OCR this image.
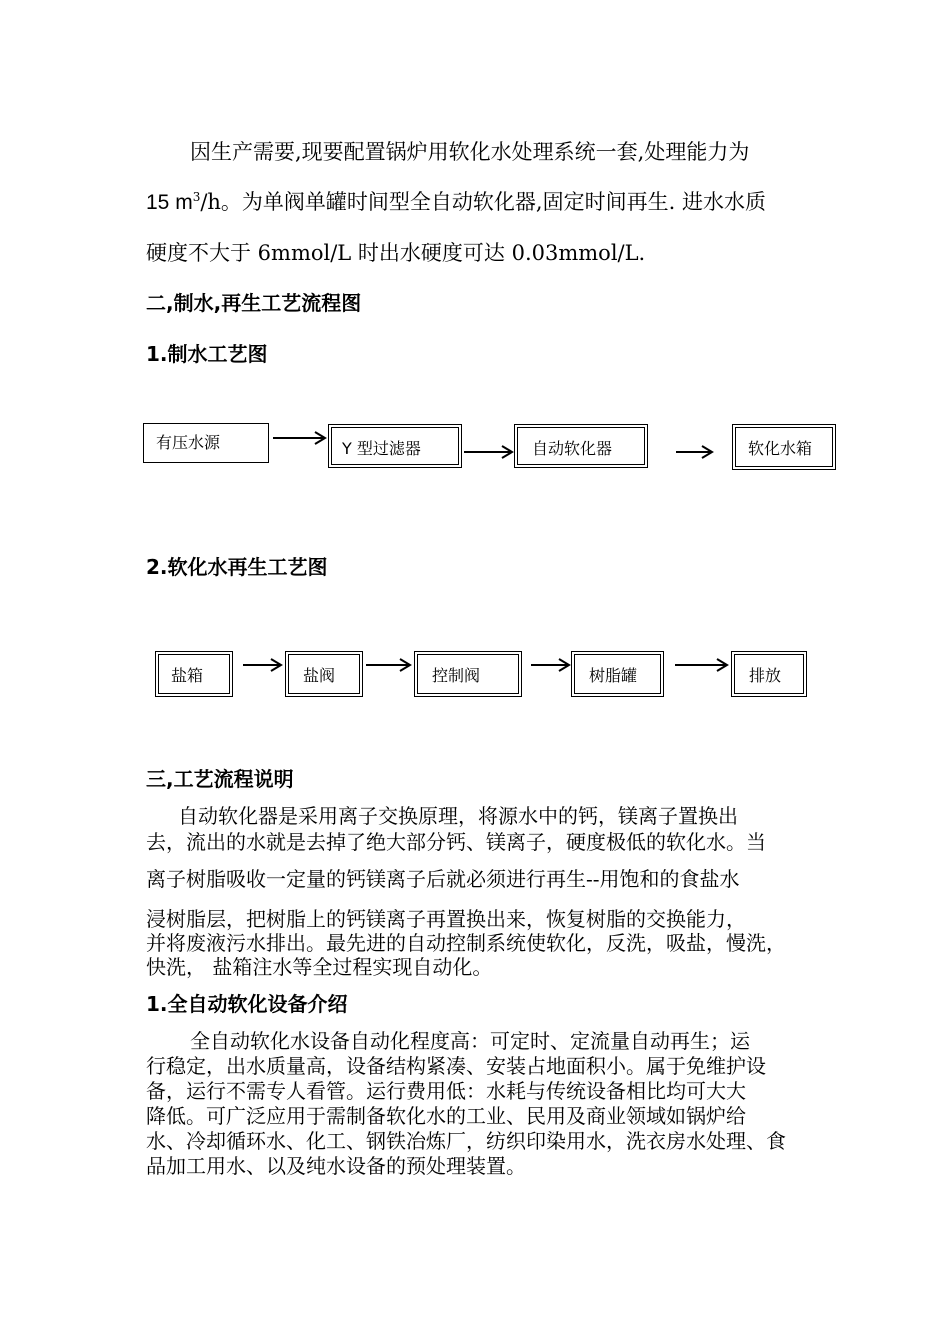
因生产需要,现要配置锅炉用软化水处理系统一套,处理能力为
15 $m^3/h$。为单阀单罐时间型全自动软化器,固定时间再生. 进水水质
硬度不大于 6mmol/L 时出水硬度可达 0.03mmol/L.
二,制水,再生工艺流程图
1.制水工艺图
有压水源	Y 型过滤器	自动软化器	软化水箱
2.软化水再生工艺图
盐箱	盐阀	控制阀	树脂罐	排放
三,工艺流程说明
自动软化器是采用离子交换原理，将源水中的钙，镁离子置换出
去，流出的水就是去掉了绝大部分钙、镁离子，硬度极低的软化水。当
离子树脂吸收一定量的钙镁离子后就必须进行再生--用饱和的食盐水
浸树脂层，把树脂上的钙镁离子再置换出来，恢复树脂的交换能力，
并将废液污水排出。最先进的自动控制系统使软化，反洗，吸盐，慢洗，
快洗， 盐箱注水等全过程实现自动化。
1.全自动软化设备介绍
全自动软化水设备自动化程度高：可定时、定流量自动再生；运
行稳定，出水质量高，设备结构紧凑、安装占地面积小。属于免维护设
备，运行不需专人看管。运行费用低：水耗与传统设备相比均可大大
降低。可广泛应用于需制备软化水的工业、民用及商业领域如锅炉给
水、冷却循环水、化工、钢铁冶炼厂，纺织印染用水，洗衣房水处理、食
品加工用水、以及纯水设备的预处理装置。
